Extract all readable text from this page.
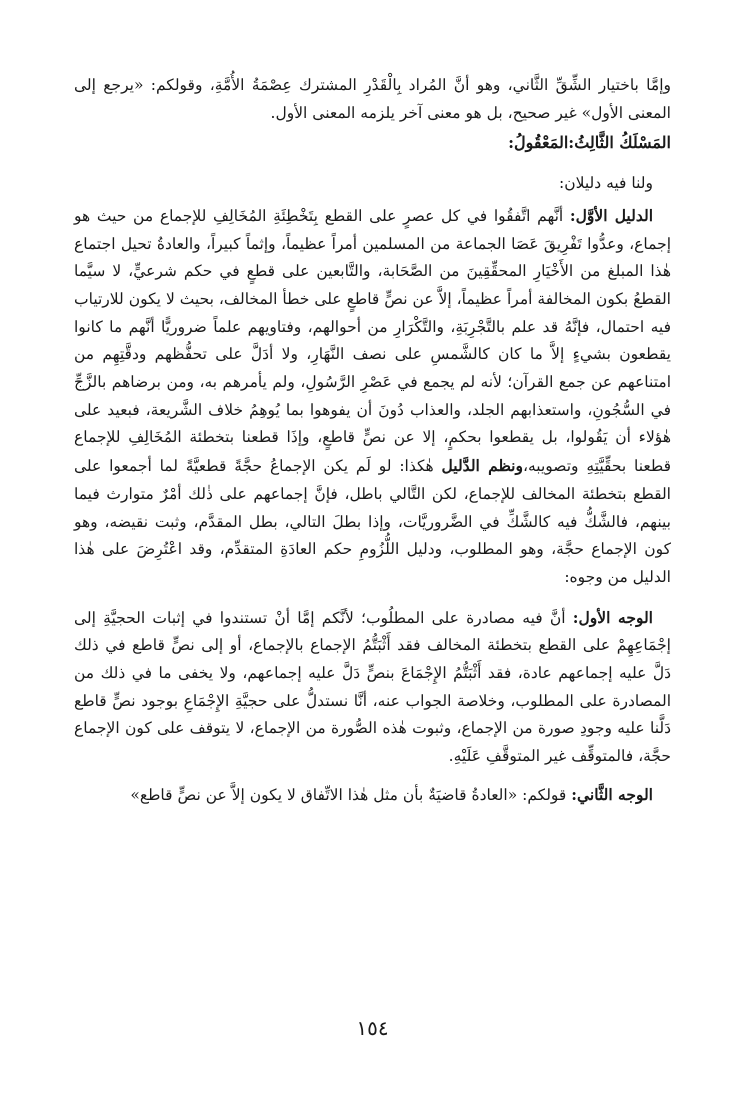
وإمَّا باختيار الشِّقِّ الثَّاني، وهو أنَّ المُراد بِالْقَدْرِ المشترك عِصْمَةُ الأُمَّةِ، وقولكم: «يرجع إلى المعنى الأول» غير صحيح، بل هو معنى آخر يلزمه المعنى الأول.

المَسْلَكُ الثَّالِثُ:المَعْقُولُ:

ولنا فيه دليلان:

الدليل الأوَّل: أنَّهم اتَّفقُوا في كل عصرٍ على القطع بِتَخْطِئَةِ المُخَالِفِ للإجماع من حيث هو إجماع، وعدُّوا تَفْرِيقَ عَصَا الجماعة من المسلمين أمراً عظيماً، وإثماً كبيراً، والعادةُ تحيل اجتماع هٰذا المبلغ من الأَخْيَارِ المحقِّقِينَ من الصَّحَابة، والتَّابعين على قطعٍ في حكم شرعيٍّ، لا سيَّما القطعُ بكون المخالفة أمراً عظيماً، إلاَّ عن نصٍّ قاطعٍ على خطأ المخالف، بحيث لا يكون للارتياب فيه احتمال، فإنَّهُ قد علم بالتَّجْرِبَةِ، والتَّكْرَارِ من أحوالهم، وفتاويهم علماً ضروريًّا أنَّهم ما كانوا يقطعون بشيءٍ إلاَّ ما كان كالشَّمسِ على نصف النَّهَارِ، ولا أدَلَّ على تحفُّظهم ودقَّتِهِم من امتناعهم عن جمع القرآن؛ لأنه لم يجمع في عَصْرِ الرَّسُولِ، ولم يأمرهم به، ومن برضاهم بالزَّجِّ في السُّجُونِ، واستعذابهم الجلد، والعذاب دُونَ أن يفوهوا بما يُوهِمُ خلاف الشَّريعة، فبعيد على هٰؤلاء أن يَقُولوا، بل يقطعوا بحكمٍ، إلا عن نصٍّ قاطعٍ، وإذَا قطعنا بتخطئة المُخَالِفِ للإجماع قطعنا بحقِّيَّتِهِ وتصويبه،ونظم الدَّليل هٰكذا: لو لَم يكن الإجماعُ حجَّةً قطعيَّةً لما أجمعوا على القطع بتخطئة المخالف للإجماع، لكن التَّالي باطل، فإنَّ إجماعهم على ذٰلك أمْرٌ متوارث فيما بينهم، فالشَّكُّ فيه كالشَّكِّ في الضَّروريَّات، وإذا بطلَ التالي، بطل المقدَّم، وثبت نقيضه، وهو كون الإجماع حجَّة، وهو المطلوب، ودليل اللُّزُومِ حكم العادَةِ المتقدِّم، وقد اعْتُرِضَ على هٰذا الدليل من وجوه:

الوجه الأول: أنَّ فيه مصادرة على المطلُوب؛ لأنَّكم إمَّا أنْ تستندوا في إثبات الحجيَّةِ إلى إجْمَاعِهِمْ على القطع بتخطئة المخالف فقد أَثْبَتُّمُ الإجماع بالإجماع، أو إلى نصٍّ قاطع في ذلك دَلَّ عليه إجماعهم عادة، فقد أَثْبَتُّمُ الإِجْمَاعَ بنصٍّ دَلَّ عليه إجماعهم، ولا يخفى ما في ذلك من المصادرة على المطلوب، وخلاصة الجواب عنه، أنَّا نستدلُّ على حجيَّةِ الإِجْمَاعِ بوجود نصٍّ قاطع دَلَّنا عليه وجودِ صورة من الإجماع، وثبوت هٰذه الصُّورة من الإجماع، لا يتوقف على كون الإجماع حجَّة، فالمتوقِّف غير المتوقَّفِ عَلَيْهِ.

الوجه الثَّاني: قولكم: «العادةُ قاضيَةٌ بأن مثل هٰذا الاتِّفاق لا يكون إلاَّ عن نصٍّ قاطع»

١٥٤
